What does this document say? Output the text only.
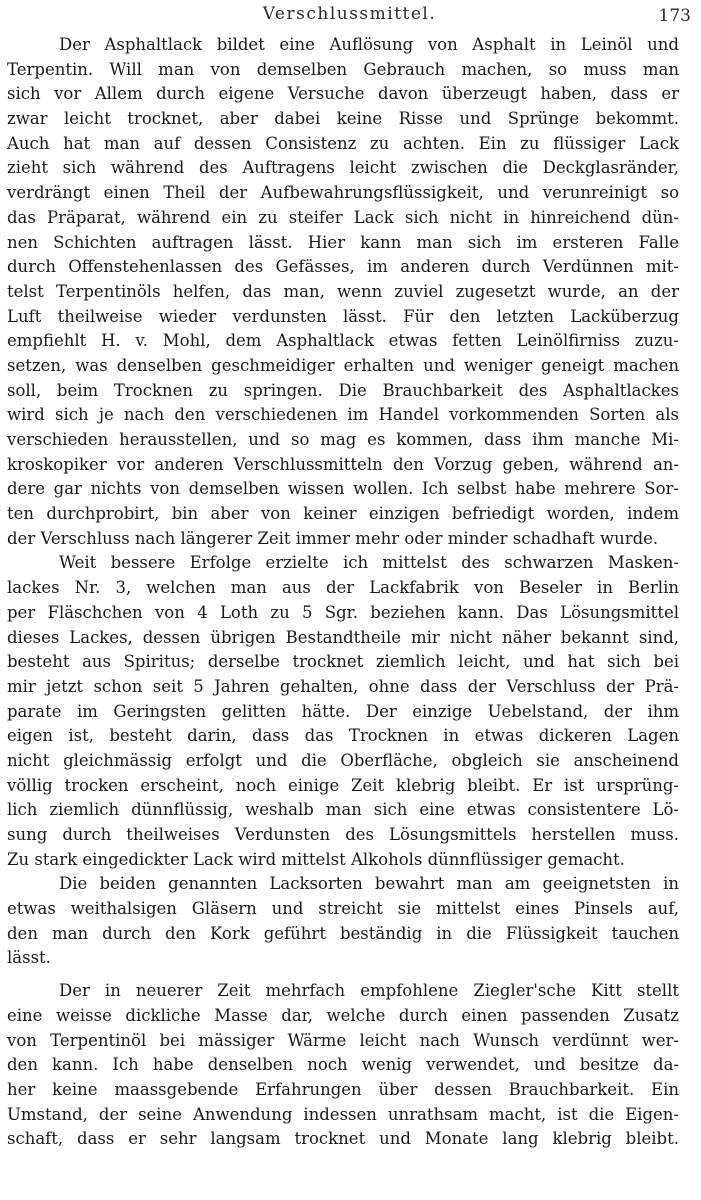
Verschlussmittel.	173
Der Asphaltlack bildet eine Auflösung von Asphalt in Leinöl und
Terpentin. Will man von demselben Gebrauch machen, so muss man
sich vor Allem durch eigene Versuche davon überzeugt haben, dass er
zwar leicht trocknet, aber dabei keine Risse und Sprünge bekommt.
Auch hat man auf dessen Consistenz zu achten. Ein zu flüssiger Lack
zieht sich während des Auftragens leicht zwischen die Deckglasränder,
verdrängt einen Theil der Aufbewahrungsflüssigkeit, und verunreinigt so
das Präparat, während ein zu steifer Lack sich nicht in hinreichend dün-
nen Schichten auftragen lässt. Hier kann man sich im ersteren Falle
durch Offenstehenlassen des Gefässes, im anderen durch Verdünnen mit-
telst Terpentinöls helfen, das man, wenn zuviel zugesetzt wurde, an der
Luft theilweise wieder verdunsten lässt. Für den letzten Lacküberzug
empfiehlt H. v. Mohl, dem Asphaltlack etwas fetten Leinölfirniss zuzu-
setzen, was denselben geschmeidiger erhalten und weniger geneigt machen
soll, beim Trocknen zu springen. Die Brauchbarkeit des Asphaltlackes
wird sich je nach den verschiedenen im Handel vorkommenden Sorten als
verschieden herausstellen, und so mag es kommen, dass ihm manche Mi-
kroskopiker vor anderen Verschlussmitteln den Vorzug geben, während an-
dere gar nichts von demselben wissen wollen. Ich selbst habe mehrere Sor-
ten durchprobirt, bin aber von keiner einzigen befriedigt worden, indem
der Verschluss nach längerer Zeit immer mehr oder minder schadhaft wurde.
Weit bessere Erfolge erzielte ich mittelst des schwarzen Masken-
lackes Nr. 3, welchen man aus der Lackfabrik von Beseler in Berlin
per Fläschchen von 4 Loth zu 5 Sgr. beziehen kann. Das Lösungsmittel
dieses Lackes, dessen übrigen Bestandtheile mir nicht näher bekannt sind,
besteht aus Spiritus; derselbe trocknet ziemlich leicht, und hat sich bei
mir jetzt schon seit 5 Jahren gehalten, ohne dass der Verschluss der Prä-
parate im Geringsten gelitten hätte. Der einzige Uebelstand, der ihm
eigen ist, besteht darin, dass das Trocknen in etwas dickeren Lagen
nicht gleichmässig erfolgt und die Oberfläche, obgleich sie anscheinend
völlig trocken erscheint, noch einige Zeit klebrig bleibt. Er ist ursprüng-
lich ziemlich dünnflüssig, weshalb man sich eine etwas consistentere Lö-
sung durch theilweises Verdunsten des Lösungsmittels herstellen muss.
Zu stark eingedickter Lack wird mittelst Alkohols dünnflüssiger gemacht.
Die beiden genannten Lacksorten bewahrt man am geeignetsten in
etwas weithalsigen Gläsern und streicht sie mittelst eines Pinsels auf,
den man durch den Kork geführt beständig in die Flüssigkeit tauchen
lässt.
Der in neuerer Zeit mehrfach empfohlene Ziegler'sche Kitt stellt
eine weisse dickliche Masse dar, welche durch einen passenden Zusatz
von Terpentinöl bei mässiger Wärme leicht nach Wunsch verdünnt wer-
den kann. Ich habe denselben noch wenig verwendet, und besitze da-
her keine maassgebende Erfahrungen über dessen Brauchbarkeit. Ein
Umstand, der seine Anwendung indessen unrathsam macht, ist die Eigen-
schaft, dass er sehr langsam trocknet und Monate lang klebrig bleibt.
